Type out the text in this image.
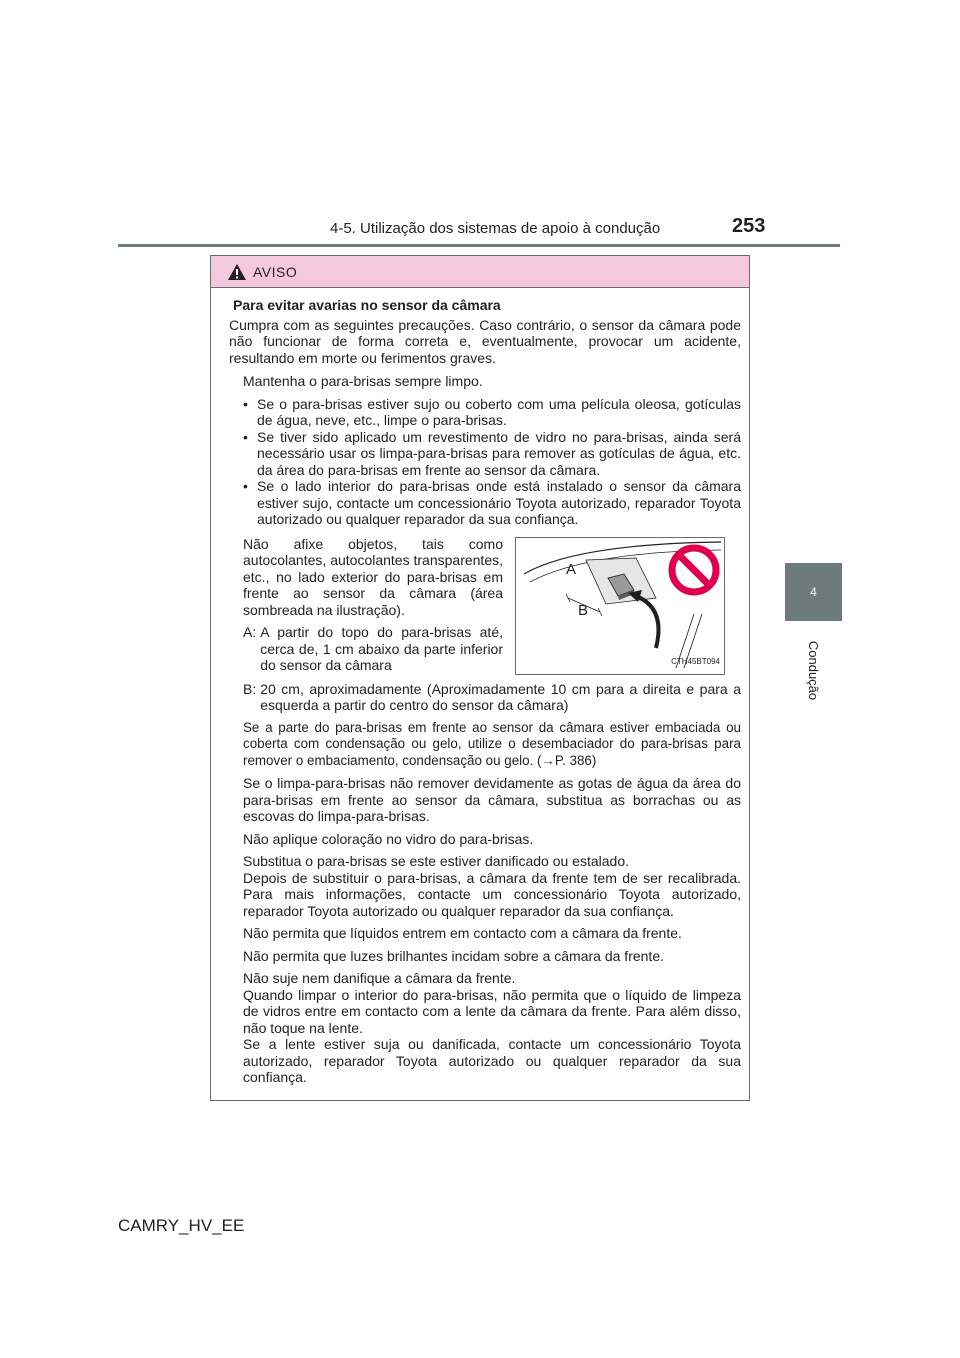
4-5. Utilização dos sistemas de apoio à condução	253
4
Condução
AVISO

Para evitar avarias no sensor da câmara

Cumpra com as seguintes precauções. Caso contrário, o sensor da câmara pode não funcionar de forma correta e, eventualmente, provocar um acidente, resultando em morte ou ferimentos graves.

Mantenha o para-brisas sempre limpo.

• Se o para-brisas estiver sujo ou coberto com uma película oleosa, gotículas de água, neve, etc., limpe o para-brisas.
• Se tiver sido aplicado um revestimento de vidro no para-brisas, ainda será necessário usar os limpa-para-brisas para remover as gotículas de água, etc. da área do para-brisas em frente ao sensor da câmara.
• Se o lado interior do para-brisas onde está instalado o sensor da câmara estiver sujo, contacte um concessionário Toyota autorizado, reparador Toyota autorizado ou qualquer reparador da sua confiança.

Não afixe objetos, tais como autocolantes, autocolantes transparentes, etc., no lado exterior do para-brisas em frente ao sensor da câmara (área sombreada na ilustração).

A: A partir do topo do para-brisas até, cerca de, 1 cm abaixo da parte inferior do sensor da câmara
A
B
CTH45BT094
B: 20 cm, aproximadamente (Aproximadamente 10 cm para a direita e para a esquerda a partir do centro do sensor da câmara)

Se a parte do para-brisas em frente ao sensor da câmara estiver embaciada ou coberta com condensação ou gelo, utilize o desembaciador do para-brisas para remover o embaciamento, condensação ou gelo. (→P. 386)

Se o limpa-para-brisas não remover devidamente as gotas de água da área do para-brisas em frente ao sensor da câmara, substitua as borrachas ou as escovas do limpa-para-brisas.

Não aplique coloração no vidro do para-brisas.

Substitua o para-brisas se este estiver danificado ou estalado.
Depois de substituir o para-brisas, a câmara da frente tem de ser recalibrada. Para mais informações, contacte um concessionário Toyota autorizado, reparador Toyota autorizado ou qualquer reparador da sua confiança.

Não permita que líquidos entrem em contacto com a câmara da frente.

Não permita que luzes brilhantes incidam sobre a câmara da frente.

Não suje nem danifique a câmara da frente.
Quando limpar o interior do para-brisas, não permita que o líquido de limpeza de vidros entre em contacto com a lente da câmara da frente. Para além disso, não toque na lente.
Se a lente estiver suja ou danificada, contacte um concessionário Toyota autorizado, reparador Toyota autorizado ou qualquer reparador da sua confiança.

CAMRY_HV_EE
